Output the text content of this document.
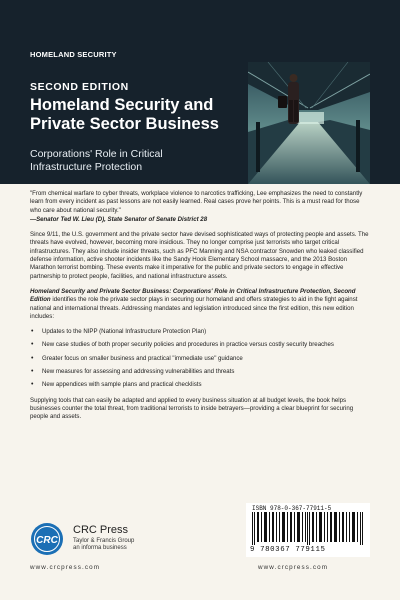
HOMELAND SECURITY
SECOND EDITION
Homeland Security and
Private Sector Business
Corporations' Role in Critical
Infrastructure Protection

"From chemical warfare to cyber threats, workplace violence to narcotics trafficking, Lee emphasizes the need to constantly learn from every incident as past lessons are not easily learned. Real cases prove her points. This is a must read for those who care about national security."

—Senator Ted W. Lieu (D), State Senator of Senate District 28

Since 9/11, the U.S. government and the private sector have devised sophisticated ways of protecting people and assets. The threats have evolved, however, becoming more insidious. They no longer comprise just terrorists who target critical infrastructures. They also include insider threats, such as PFC Manning and NSA contractor Snowden who leaked classified defense information, active shooter incidents like the Sandy Hook Elementary School massacre, and the 2013 Boston Marathon terrorist bombing. These events make it imperative for the public and private sectors to engage in effective partnership to protect people, facilities, and national infrastructure assets.

Homeland Security and Private Sector Business: Corporations' Role in Critical Infrastructure Protection, Second Edition identifies the role the private sector plays in securing our homeland and offers strategies to aid in the fight against national and international threats. Addressing mandates and legislation introduced since the first edition, this new edition includes:

• Updates to the NIPP (National Infrastructure Protection Plan)
• New case studies of both proper security policies and procedures in practice versus costly security breaches
• Greater focus on smaller business and practical "immediate use" guidance
• New measures for assessing and addressing vulnerabilities and threats
• New appendices with sample plans and practical checklists

Supplying tools that can easily be adapted and applied to every business situation at all budget levels, the book helps businesses counter the total threat, from traditional terrorists to inside betrayers—providing a clear blueprint for securing people and assets.

CRC
CRC Press
Taylor & Francis Group
an informa business
www.crcpress.com
ISBN 978-0-367-77911-5
9 780367 779115
www.crcpress.com
